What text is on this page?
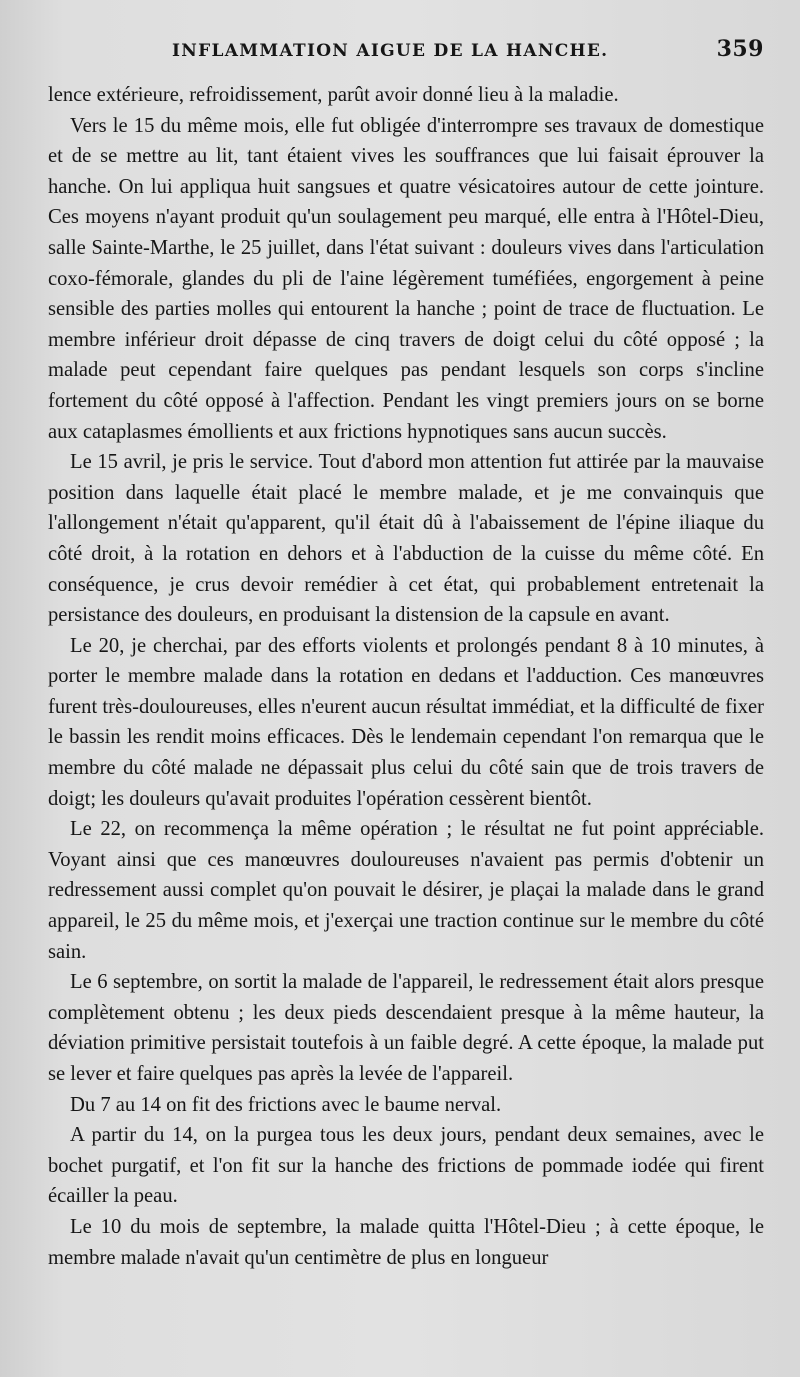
INFLAMMATION AIGUE DE LA HANCHE.	359

lence extérieure, refroidissement, parût avoir donné lieu à la maladie.

Vers le 15 du même mois, elle fut obligée d'interrompre ses travaux de domestique et de se mettre au lit, tant étaient vives les souffrances que lui faisait éprouver la hanche. On lui appliqua huit sangsues et quatre vésicatoires autour de cette jointure. Ces moyens n'ayant produit qu'un soulagement peu marqué, elle entra à l'Hôtel-Dieu, salle Sainte-Marthe, le 25 juillet, dans l'état suivant : douleurs vives dans l'articulation coxo-fémorale, glandes du pli de l'aine légèrement tuméfiées, engorgement à peine sensible des parties molles qui entourent la hanche ; point de trace de fluctuation. Le membre inférieur droit dépasse de cinq travers de doigt celui du côté opposé ; la malade peut cependant faire quelques pas pendant lesquels son corps s'incline fortement du côté opposé à l'affection. Pendant les vingt premiers jours on se borne aux cataplasmes émollients et aux frictions hypnotiques sans aucun succès.

Le 15 avril, je pris le service. Tout d'abord mon attention fut attirée par la mauvaise position dans laquelle était placé le membre malade, et je me convainquis que l'allongement n'était qu'apparent, qu'il était dû à l'abaissement de l'épine iliaque du côté droit, à la rotation en dehors et à l'abduction de la cuisse du même côté. En conséquence, je crus devoir remédier à cet état, qui probablement entretenait la persistance des douleurs, en produisant la distension de la capsule en avant.

Le 20, je cherchai, par des efforts violents et prolongés pendant 8 à 10 minutes, à porter le membre malade dans la rotation en dedans et l'adduction. Ces manœuvres furent très-douloureuses, elles n'eurent aucun résultat immédiat, et la difficulté de fixer le bassin les rendit moins efficaces. Dès le lendemain cependant l'on remarqua que le membre du côté malade ne dépassait plus celui du côté sain que de trois travers de doigt; les douleurs qu'avait produites l'opération cessèrent bientôt.

Le 22, on recommença la même opération ; le résultat ne fut point appréciable. Voyant ainsi que ces manœuvres douloureuses n'avaient pas permis d'obtenir un redressement aussi complet qu'on pouvait le désirer, je plaçai la malade dans le grand appareil, le 25 du même mois, et j'exerçai une traction continue sur le membre du côté sain.

Le 6 septembre, on sortit la malade de l'appareil, le redressement était alors presque complètement obtenu ; les deux pieds descendaient presque à la même hauteur, la déviation primitive persistait toutefois à un faible degré. A cette époque, la malade put se lever et faire quelques pas après la levée de l'appareil.

Du 7 au 14 on fit des frictions avec le baume nerval.

A partir du 14, on la purgea tous les deux jours, pendant deux semaines, avec le bochet purgatif, et l'on fit sur la hanche des frictions de pommade iodée qui firent écailler la peau.

Le 10 du mois de septembre, la malade quitta l'Hôtel-Dieu ; à cette époque, le membre malade n'avait qu'un centimètre de plus en longueur
